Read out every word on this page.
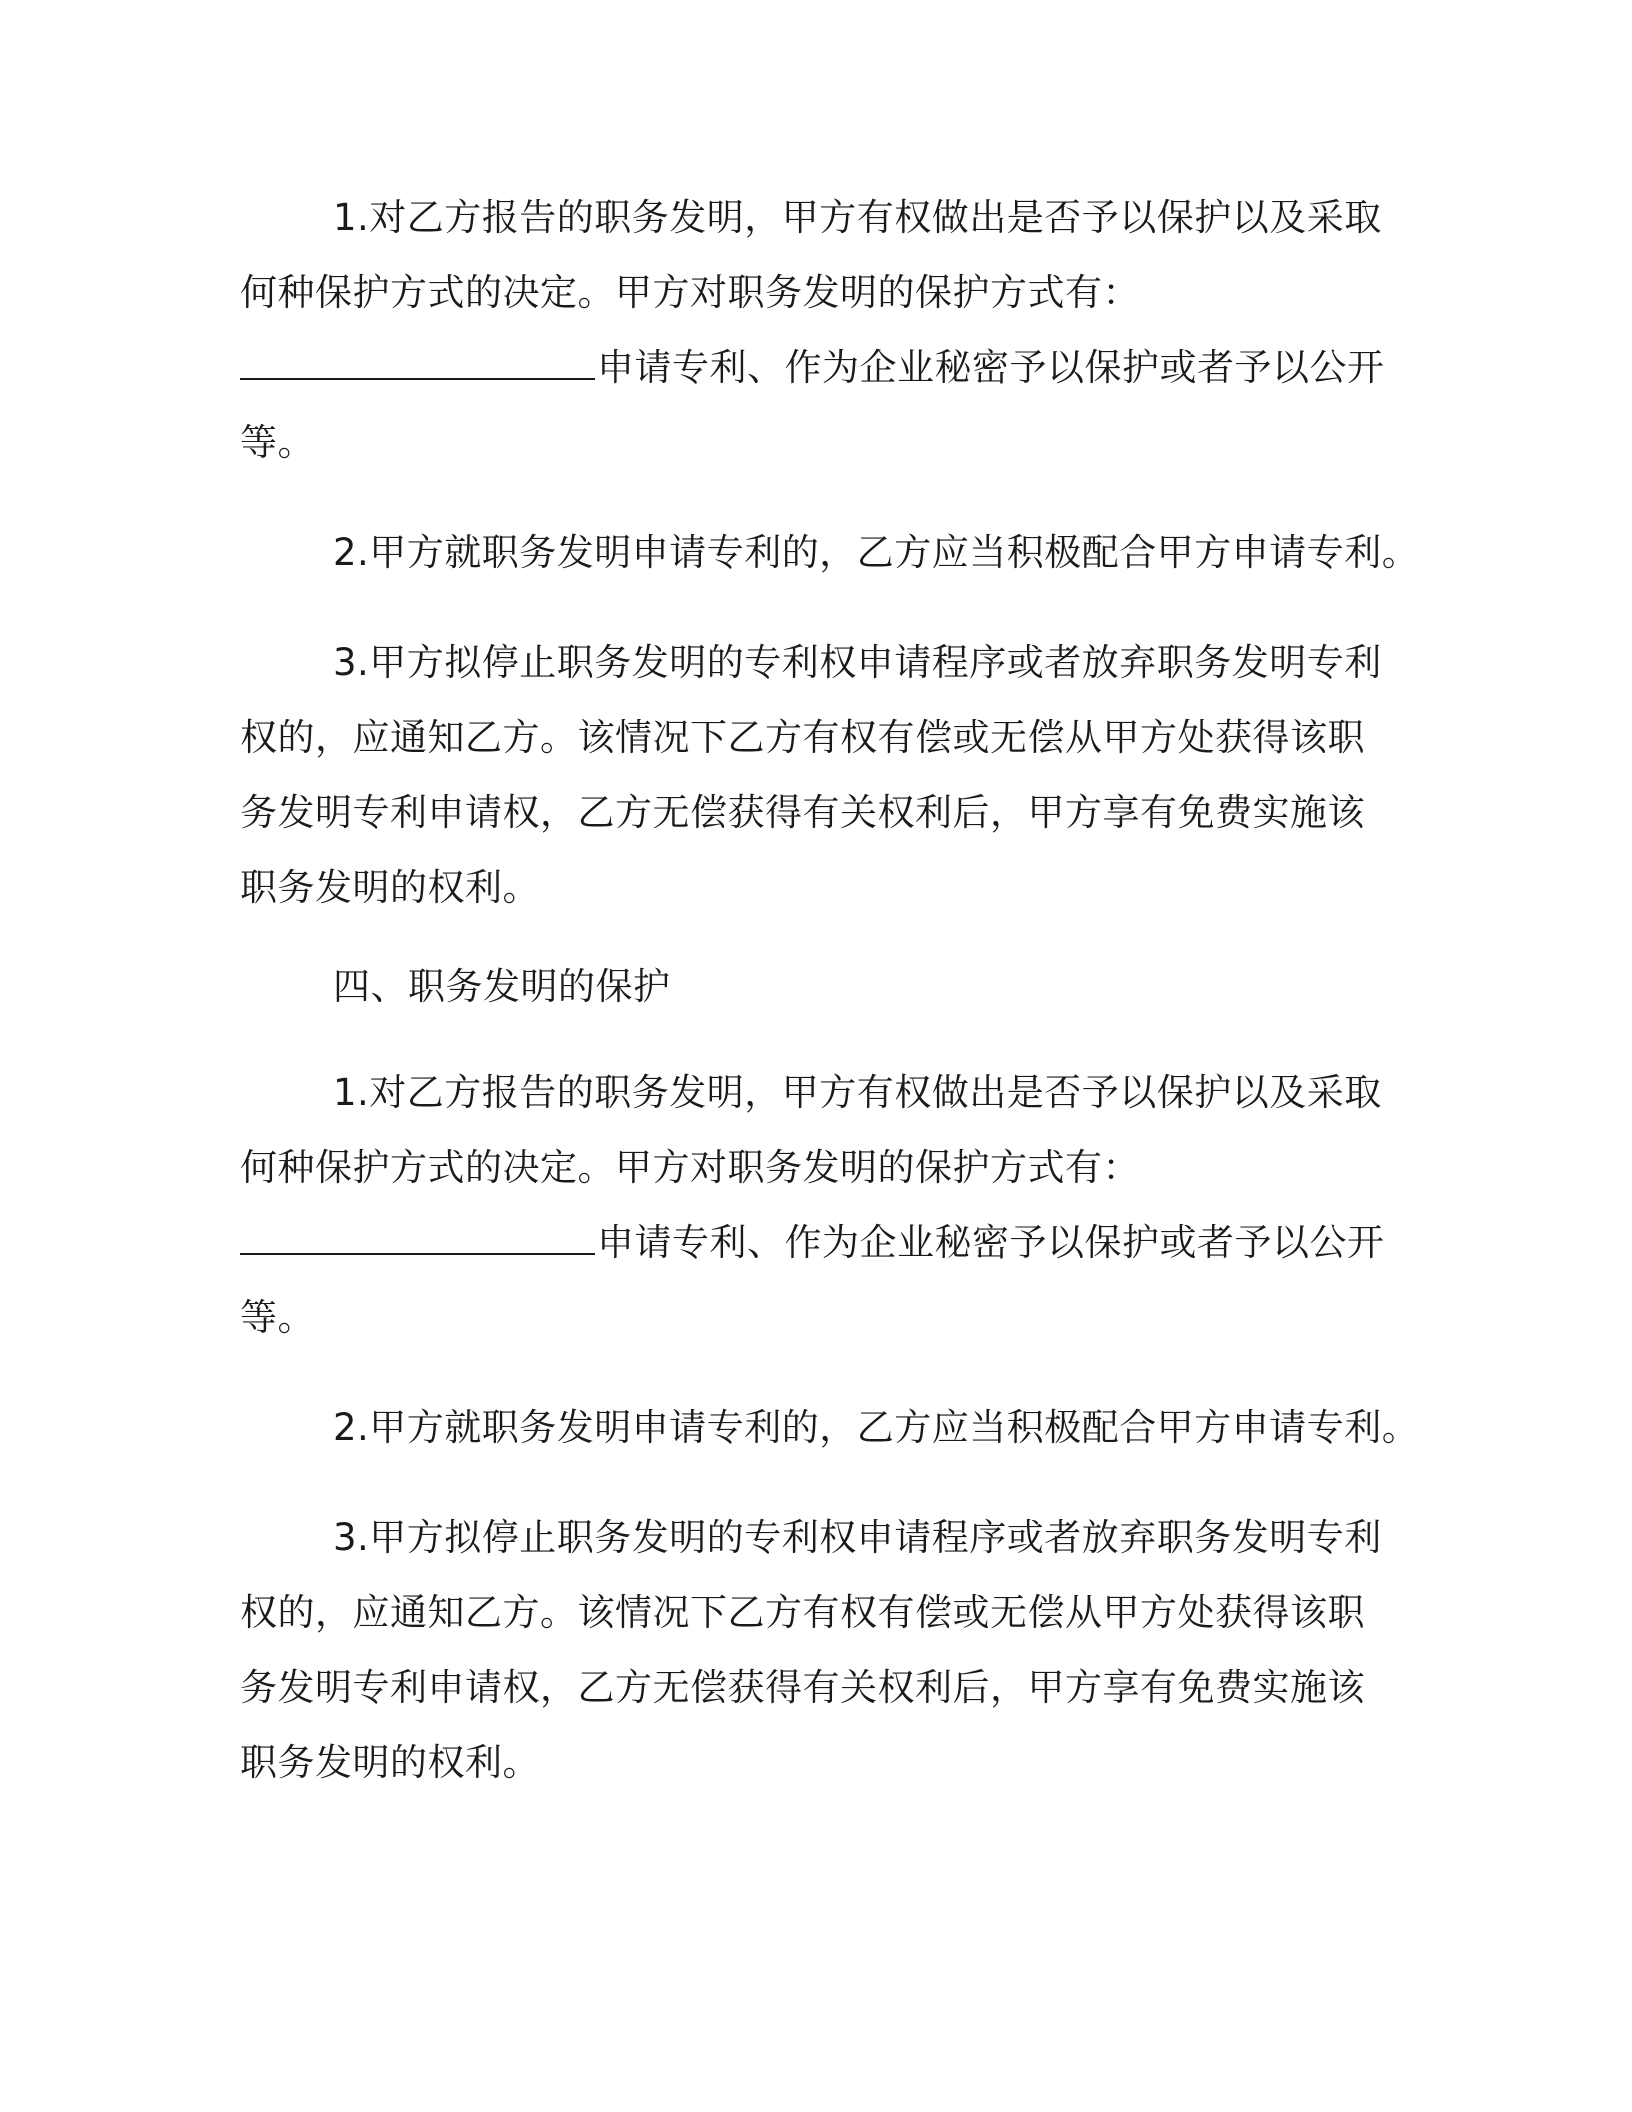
1.对乙方报告的职务发明，甲方有权做出是否予以保护以及采取
何种保护方式的决定。甲方对职务发明的保护方式有：
申请专利、作为企业秘密予以保护或者予以公开
等。
2.甲方就职务发明申请专利的，乙方应当积极配合甲方申请专利。
3.甲方拟停止职务发明的专利权申请程序或者放弃职务发明专利
权的，应通知乙方。该情况下乙方有权有偿或无偿从甲方处获得该职
务发明专利申请权，乙方无偿获得有关权利后，甲方享有免费实施该
职务发明的权利。
四、职务发明的保护
1.对乙方报告的职务发明，甲方有权做出是否予以保护以及采取
何种保护方式的决定。甲方对职务发明的保护方式有：
申请专利、作为企业秘密予以保护或者予以公开
等。
2.甲方就职务发明申请专利的，乙方应当积极配合甲方申请专利。
3.甲方拟停止职务发明的专利权申请程序或者放弃职务发明专利
权的，应通知乙方。该情况下乙方有权有偿或无偿从甲方处获得该职
务发明专利申请权，乙方无偿获得有关权利后，甲方享有免费实施该
职务发明的权利。
